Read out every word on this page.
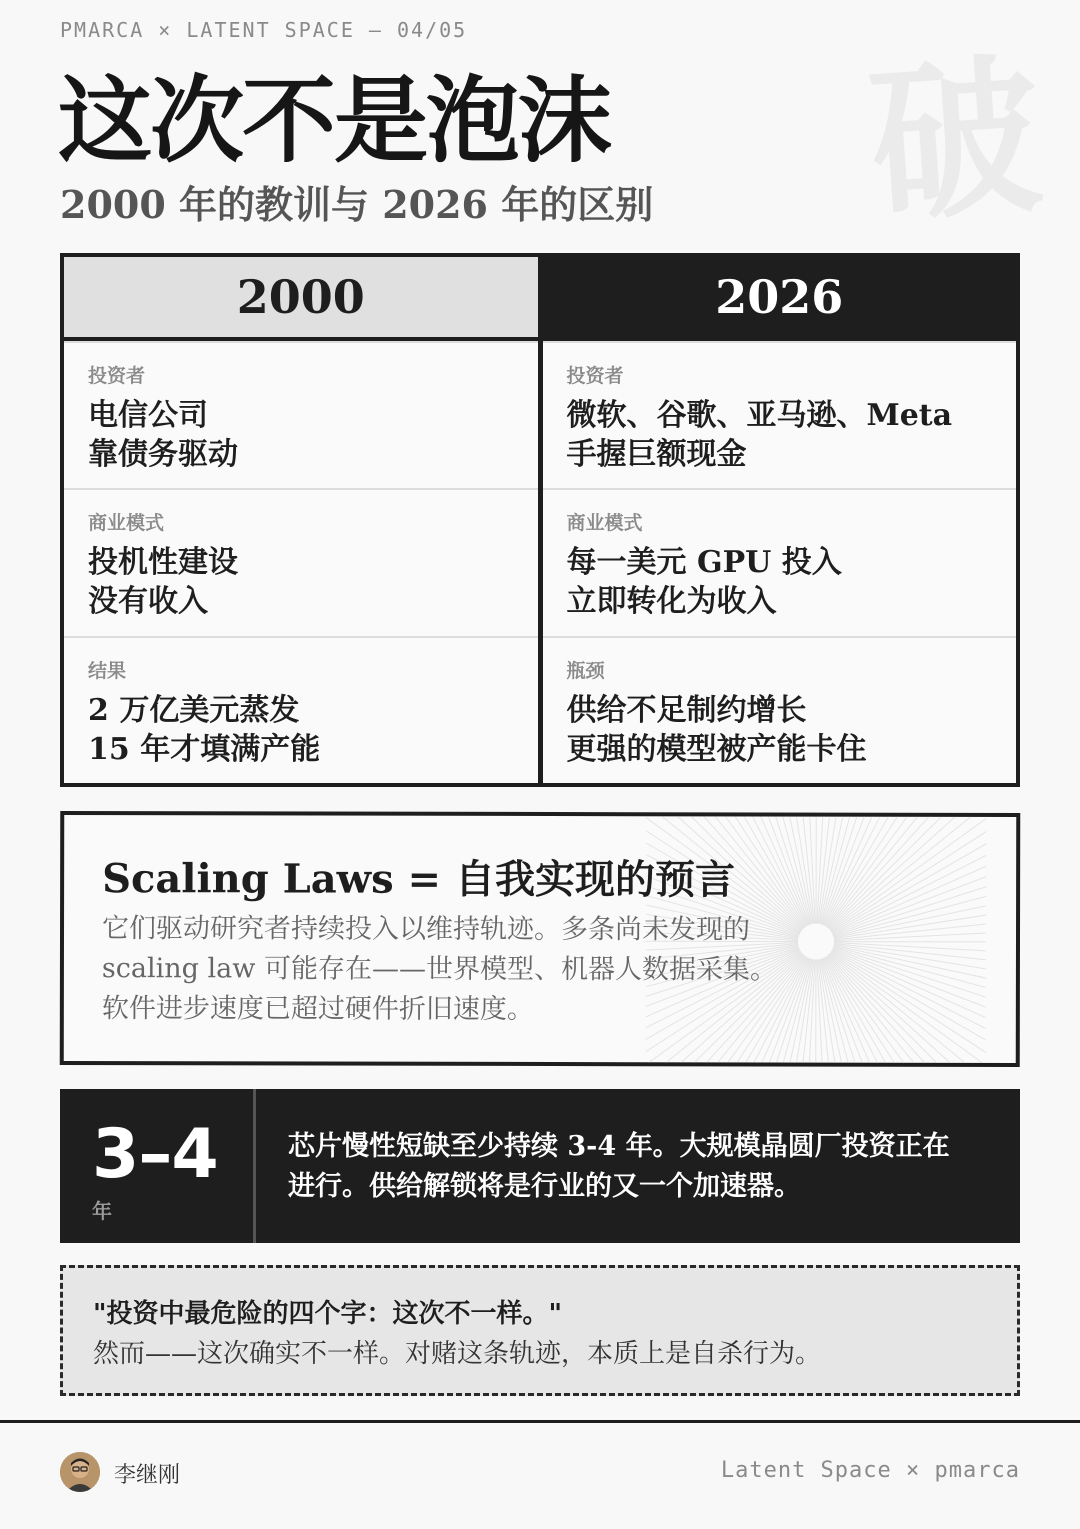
PMARCA × LATENT SPACE — 04/05
破
这次不是泡沫
2000 年的教训与 2026 年的区别
2000
投资者
电信公司
靠债务驱动
商业模式
投机性建设
没有收入
结果
2 万亿美元蒸发
15 年才填满产能
2026
投资者
微软、谷歌、亚马逊、Meta
手握巨额现金
商业模式
每一美元 GPU 投入
立即转化为收入
瓶颈
供给不足制约增长
更强的模型被产能卡住
Scaling Laws = 自我实现的预言
它们驱动研究者持续投入以维持轨迹。多条尚未发现的
scaling law 可能存在——世界模型、机器人数据采集。
软件进步速度已超过硬件折旧速度。
3–4
年
芯片慢性短缺至少持续 3-4 年。大规模晶圆厂投资正在
进行。供给解锁将是行业的又一个加速器。
"投资中最危险的四个字：这次不一样。"
然而——这次确实不一样。对赌这条轨迹，本质上是自杀行为。
李继刚	Latent Space × pmarca
